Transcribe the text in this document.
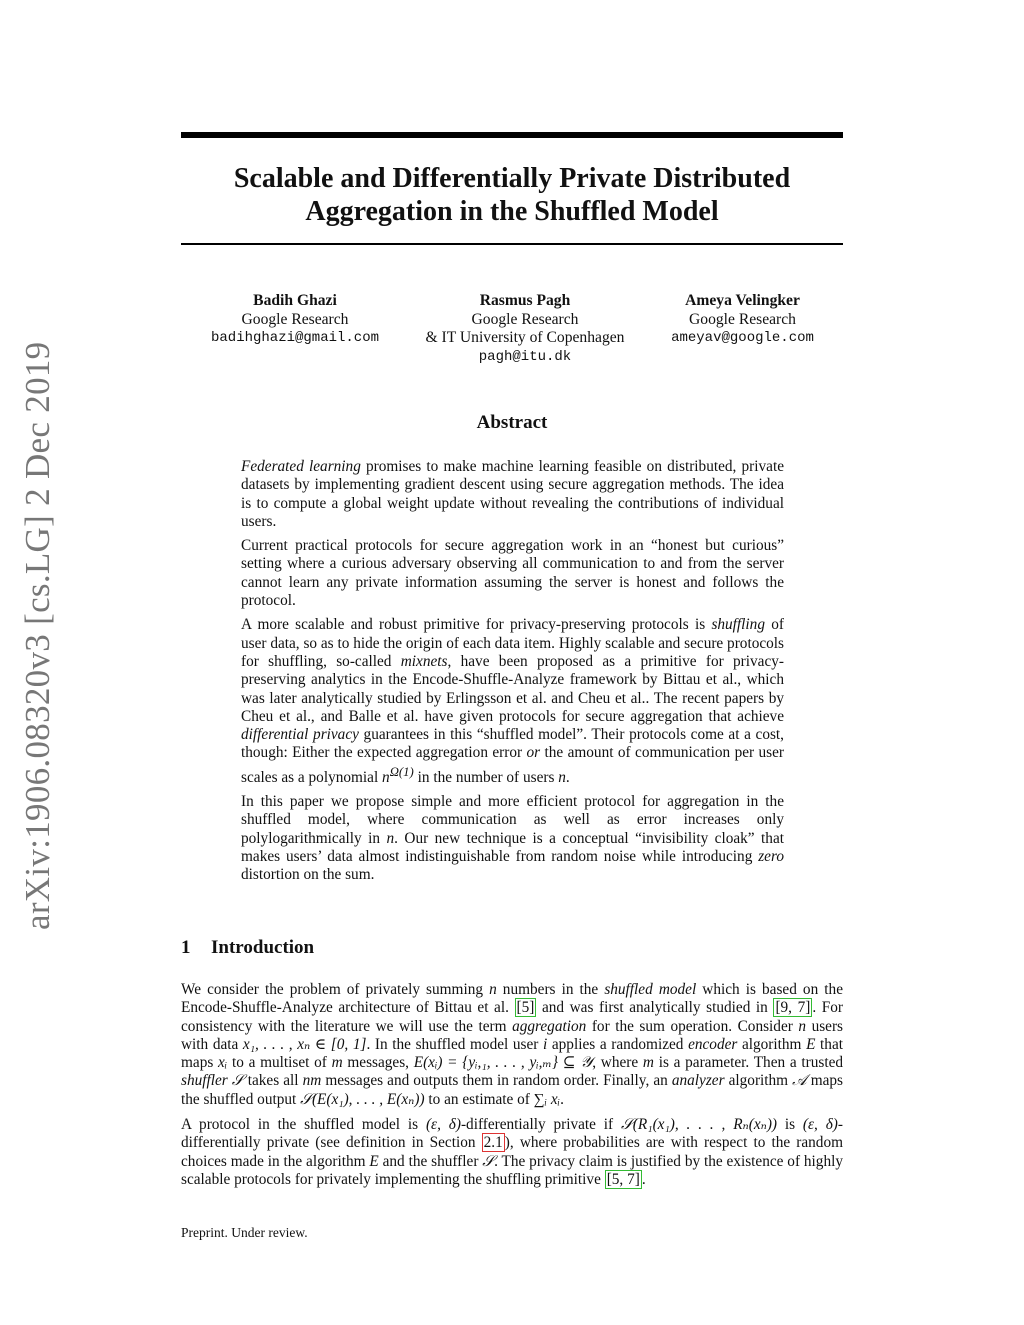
arXiv:1906.08320v3 [cs.LG] 2 Dec 2019
Scalable and Differentially Private Distributed
Aggregation in the Shuffled Model
Badih Ghazi
Google Research
badihghazi@gmail.com
Rasmus Pagh
Google Research
& IT University of Copenhagen
pagh@itu.dk
Ameya Velingker
Google Research
ameyav@google.com
Abstract

Federated learning promises to make machine learning feasible on distributed, private datasets by implementing gradient descent using secure aggregation methods. The idea is to compute a global weight update without revealing the contributions of individual users.

Current practical protocols for secure aggregation work in an “honest but curious” setting where a curious adversary observing all communication to and from the server cannot learn any private information assuming the server is honest and follows the protocol.

A more scalable and robust primitive for privacy-preserving protocols is shuffling of user data, so as to hide the origin of each data item. Highly scalable and secure protocols for shuffling, so-called mixnets, have been proposed as a primitive for privacy-preserving analytics in the Encode-Shuffle-Analyze framework by Bittau et al., which was later analytically studied by Erlingsson et al. and Cheu et al.. The recent papers by Cheu et al., and Balle et al. have given protocols for secure aggregation that achieve differential privacy guarantees in this “shuffled model”. Their protocols come at a cost, though: Either the expected aggregation error or the amount of communication per user scales as a polynomial $n^{\Omega(1)}$ in the number of users n.

In this paper we propose simple and more efficient protocol for aggregation in the shuffled model, where communication as well as error increases only polylogarithmically in n. Our new technique is a conceptual “invisibility cloak” that makes users’ data almost indistinguishable from random noise while introducing zero distortion on the sum.

1 Introduction

We consider the problem of privately summing n numbers in the shuffled model which is based on the Encode-Shuffle-Analyze architecture of Bittau et al. [5] and was first analytically studied in [9, 7] . For consistency with the literature we will use the term aggregation for the sum operation. Consider n users with data x₁, . . . , xₙ ∈ [0, 1]. In the shuffled model user i applies a randomized encoder algorithm E that maps xᵢ to a multiset of m messages, E(xᵢ) = {yᵢ,₁, . . . , yᵢ,ₘ} ⊆ 𝒴, where m is a parameter. Then a trusted shuffler 𝒮 takes all nm messages and outputs them in random order. Finally, an analyzer algorithm 𝒜 maps the shuffled output 𝒮(E(x₁), . . . , E(xₙ)) to an estimate of ∑ᵢ xᵢ.

A protocol in the shuffled model is (ε, δ)-differentially private if 𝒮(R₁(x₁), . . . , Rₙ(xₙ)) is (ε, δ)-differentially private (see definition in Section 2.1 ), where probabilities are with respect to the random choices made in the algorithm E and the shuffler 𝒮. The privacy claim is justified by the existence of highly scalable protocols for privately implementing the shuffling primitive [5, 7] .

Preprint. Under review.
